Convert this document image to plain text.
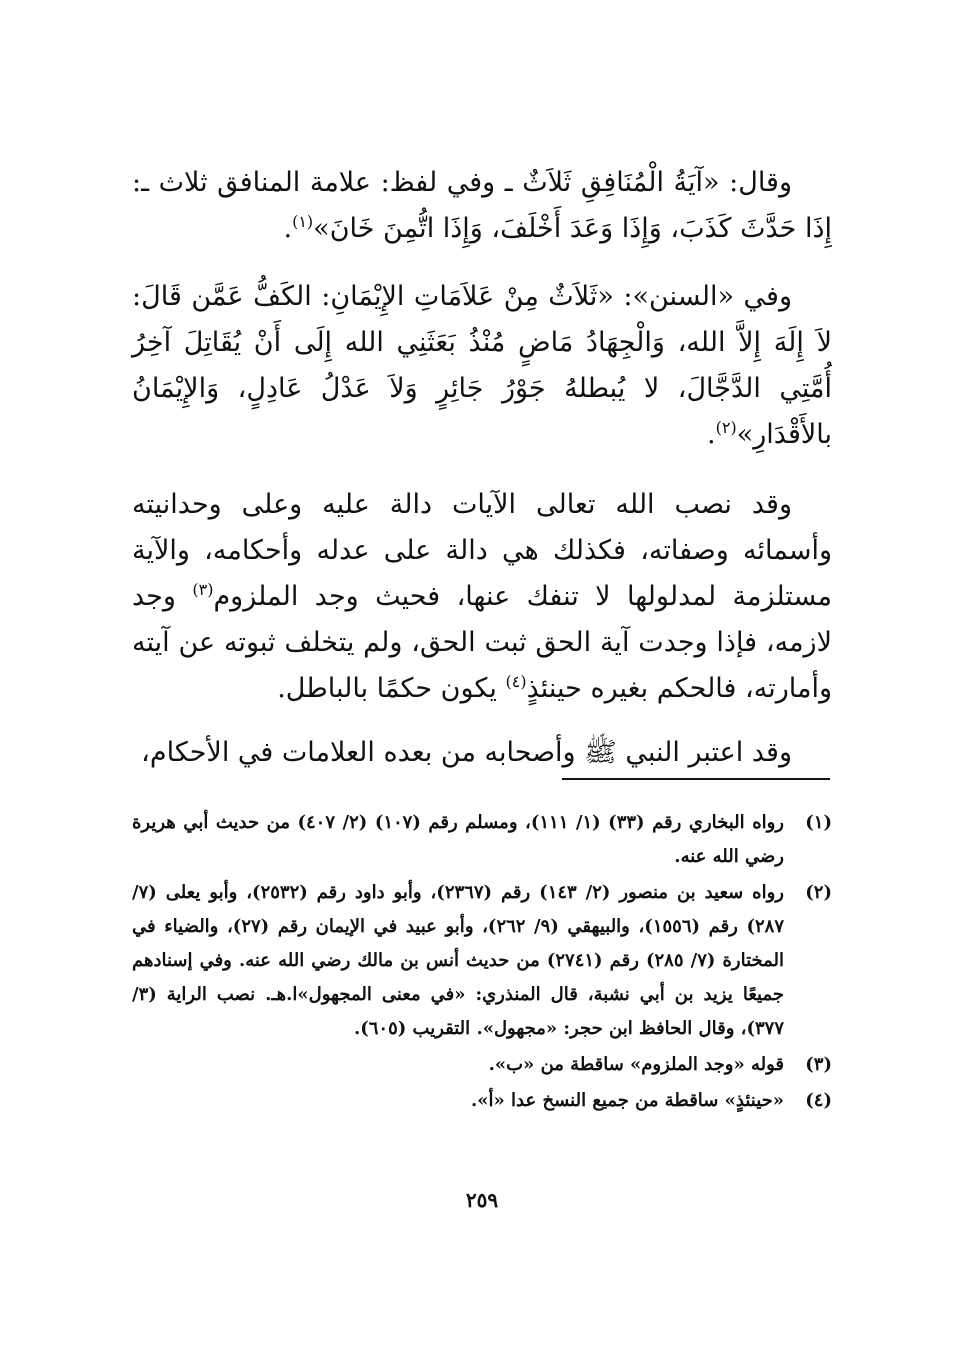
وقال: «آيَةُ الْمُنَافِقِ ثَلاَثٌ ـ وفي لفظ: علامة المنافق ثلاث ـ: إِذَا حَدَّثَ كَذَبَ، وَإِذَا وَعَدَ أَخْلَفَ، وَإِذَا اتُّمِنَ خَانَ»$^{(١)}$.

وفي «السنن»: «ثَلاَثٌ مِنْ عَلاَمَاتِ الإِيْمَانِ: الكَفُّ عَمَّن قَالَ: لاَ إِلَهَ إِلاَّ الله، وَالْجِهَادُ مَاضٍ مُنْذُ بَعَثَنِي الله إِلَى أَنْ يُقَاتِلَ آخِرُ أُمَّتِي الدَّجَّالَ، لا يُبطلهُ جَوْرُ جَائِرٍ وَلاَ عَدْلُ عَادِلٍ، وَالإِيْمَانُ بالأَقْدَارِ»$^{(٢)}$.

وقد نصب الله تعالى الآيات دالة عليه وعلى وحدانيته وأسمائه وصفاته، فكذلك هي دالة على عدله وأحكامه، والآية مستلزمة لمدلولها لا تنفك عنها، فحيث وجد الملزوم$^{(٣)}$ وجد لازمه، فإذا وجدت آية الحق ثبت الحق، ولم يتخلف ثبوته عن آيته وأمارته، فالحكم بغيره حينئذٍ$^{(٤)}$ يكون حكمًا بالباطل.

وقد اعتبر النبي ﷺ وأصحابه من بعده العلامات في الأحكام،

(١)
رواه البخاري رقم (٣٣) (١/ ١١١)، ومسلم رقم (١٠٧) (٢/ ٤٠٧) من حديث أبي هريرة رضي الله عنه.
(٢)
رواه سعيد بن منصور (٢/ ١٤٣) رقم (٢٣٦٧)، وأبو داود رقم (٢٥٣٢)، وأبو يعلى (٧/ ٢٨٧) رقم (١٥٥٦)، والبيهقي (٩/ ٢٦٢)، وأبو عبيد في الإيمان رقم (٢٧)، والضياء في المختارة (٧/ ٢٨٥) رقم (٢٧٤١) من حديث أنس بن مالك رضي الله عنه. وفي إسنادهم جميعًا يزيد بن أبي نشبة، قال المنذري: «في معنى المجهول»ا.هـ. نصب الراية (٣/ ٣٧٧)، وقال الحافظ ابن حجر: «مجهول». التقريب (٦٠٥).
(٣)
قوله «وجد الملزوم» ساقطة من «ب».
(٤)
«حينئذٍ» ساقطة من جميع النسخ عدا «أ».
٢٥٩
